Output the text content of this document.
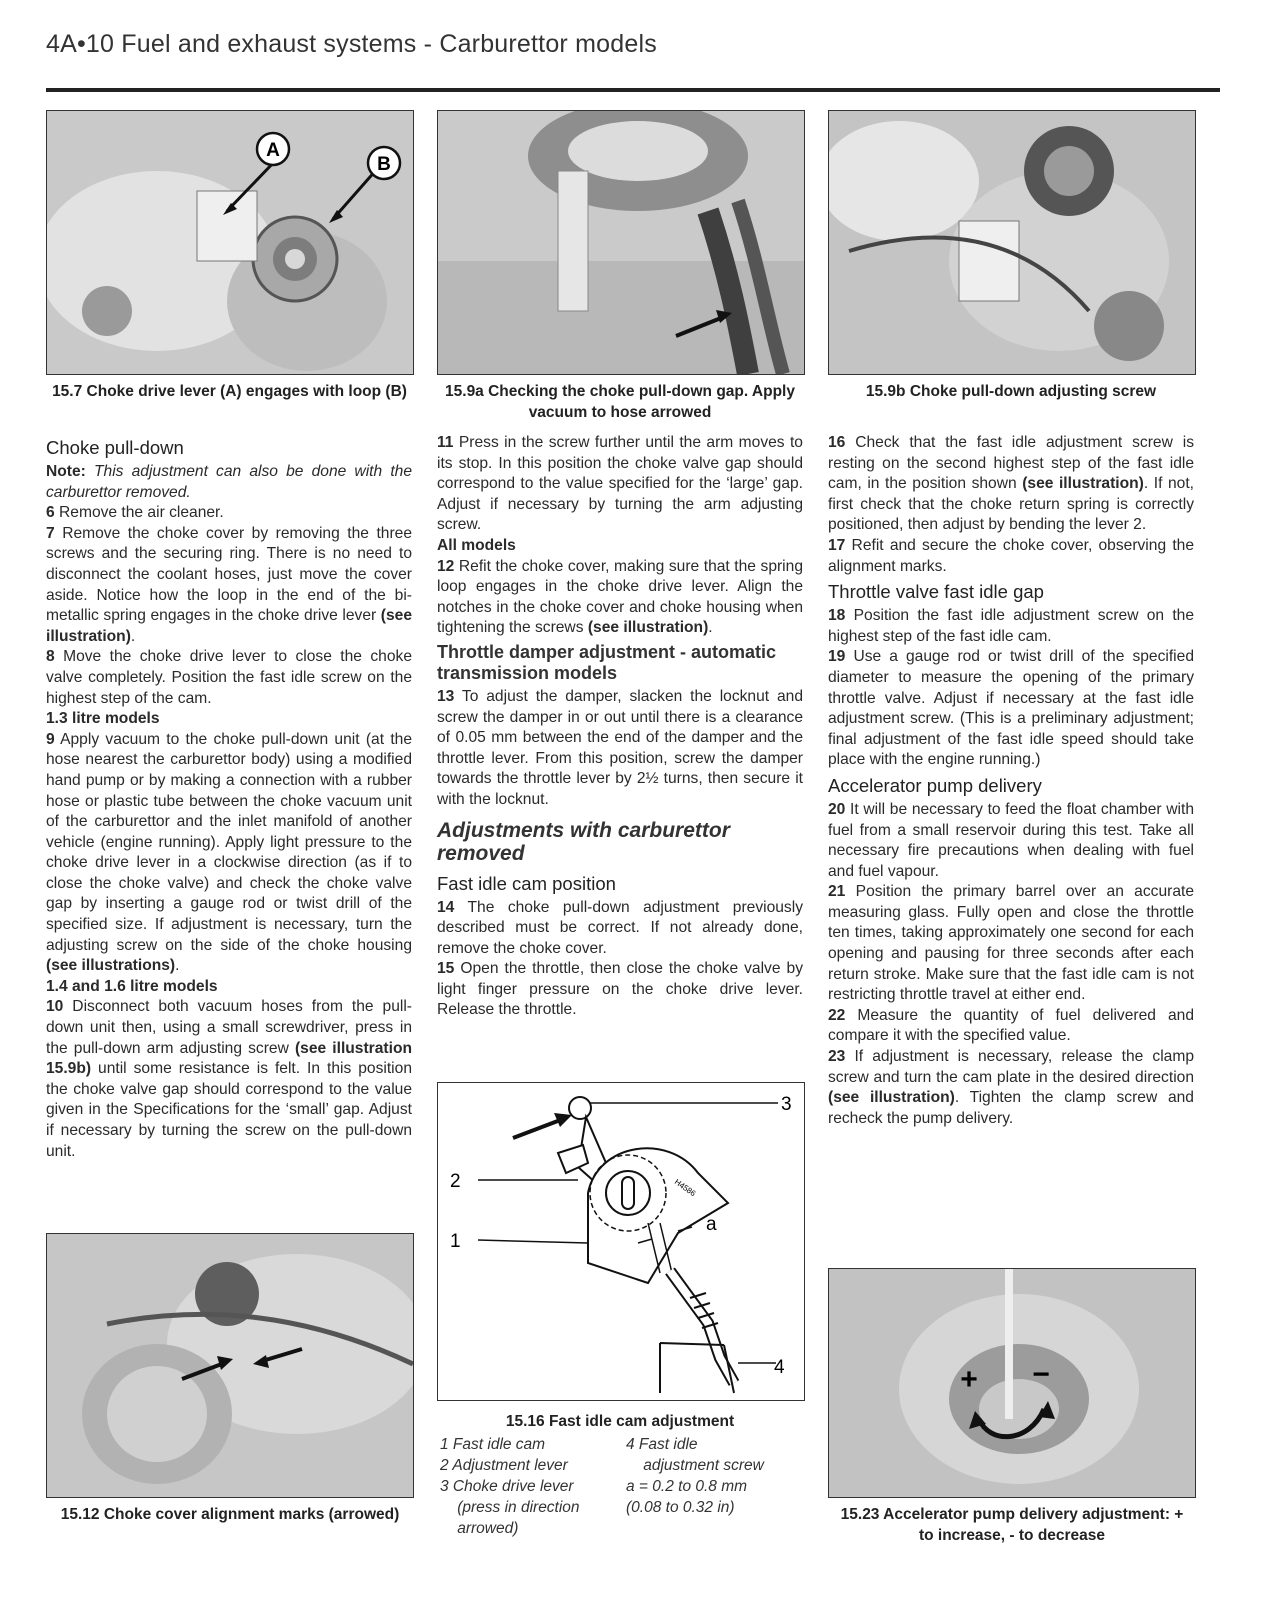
4A•10 Fuel and exhaust systems - Carburettor models
A
B
15.7 Choke drive lever (A) engages with loop (B)	15.9a Checking the choke pull-down gap. Apply vacuum to hose arrowed
15.9b Choke pull-down adjusting screw
Choke pull-down

Note: This adjustment can also be done with the carburettor removed.

6 Remove the air cleaner.

7 Remove the choke cover by removing the three screws and the securing ring. There is no need to disconnect the coolant hoses, just move the cover aside. Notice how the loop in the end of the bi-metallic spring engages in the choke drive lever (see illustration).

8 Move the choke drive lever to close the choke valve completely. Position the fast idle screw on the highest step of the cam.

1.3 litre models

9 Apply vacuum to the choke pull-down unit (at the hose nearest the carburettor body) using a modified hand pump or by making a connection with a rubber hose or plastic tube between the choke vacuum unit of the carburettor and the inlet manifold of another vehicle (engine running). Apply light pressure to the choke drive lever in a clockwise direction (as if to close the choke valve) and check the choke valve gap by inserting a gauge rod or twist drill of the specified size. If adjustment is necessary, turn the adjusting screw on the side of the choke housing (see illustrations).

1.4 and 1.6 litre models

10 Disconnect both vacuum hoses from the pull-down unit then, using a small screwdriver, press in the pull-down arm adjusting screw (see illustration 15.9b) until some resistance is felt. In this position the choke valve gap should correspond to the value given in the Specifications for the ‘small’ gap. Adjust if necessary by turning the screw on the pull-down unit.

15.12 Choke cover alignment marks (arrowed)

11 Press in the screw further until the arm moves to its stop. In this position the choke valve gap should correspond to the value specified for the ‘large’ gap. Adjust if necessary by turning the arm adjusting screw.

All models

12 Refit the choke cover, making sure that the spring loop engages in the choke drive lever. Align the notches in the choke cover and choke housing when tightening the screws (see illustration).

Throttle damper adjustment - automatic transmission models

13 To adjust the damper, slacken the locknut and screw the damper in or out until there is a clearance of 0.05 mm between the end of the damper and the throttle lever. From this position, screw the damper towards the throttle lever by 2½ turns, then secure it with the locknut.

Adjustments with carburettor removed
Fast idle cam position

14 The choke pull-down adjustment previously described must be correct. If not already done, remove the choke cover.

15 Open the throttle, then close the choke valve by light finger pressure on the choke drive lever. Release the throttle.

3
H4586
2
1
a
4
15.16 Fast idle cam adjustment
1 Fast idle cam
2 Adjustment lever
3 Choke drive lever
(press in direction
arrowed)
4 Fast idle
adjustment screw
a = 0.2 to 0.8 mm
(0.08 to 0.32 in)

16 Check that the fast idle adjustment screw is resting on the second highest step of the fast idle cam, in the position shown (see illustration). If not, first check that the choke return spring is correctly positioned, then adjust by bending the lever 2.

17 Refit and secure the choke cover, observing the alignment marks.

Throttle valve fast idle gap

18 Position the fast idle adjustment screw on the highest step of the fast idle cam.

19 Use a gauge rod or twist drill of the specified diameter to measure the opening of the primary throttle valve. Adjust if necessary at the fast idle adjustment screw. (This is a preliminary adjustment; final adjustment of the fast idle speed should take place with the engine running.)

Accelerator pump delivery

20 It will be necessary to feed the float chamber with fuel from a small reservoir during this test. Take all necessary fire precautions when dealing with fuel and fuel vapour.

21 Position the primary barrel over an accurate measuring glass. Fully open and close the throttle ten times, taking approximately one second for each opening and pausing for three seconds after each return stroke. Make sure that the fast idle cam is not restricting throttle travel at either end.

22 Measure the quantity of fuel delivered and compare it with the specified value.

23 If adjustment is necessary, release the clamp screw and turn the cam plate in the desired direction (see illustration). Tighten the clamp screw and recheck the pump delivery.

+ −
15.23 Accelerator pump delivery adjustment: + to increase, - to decrease
